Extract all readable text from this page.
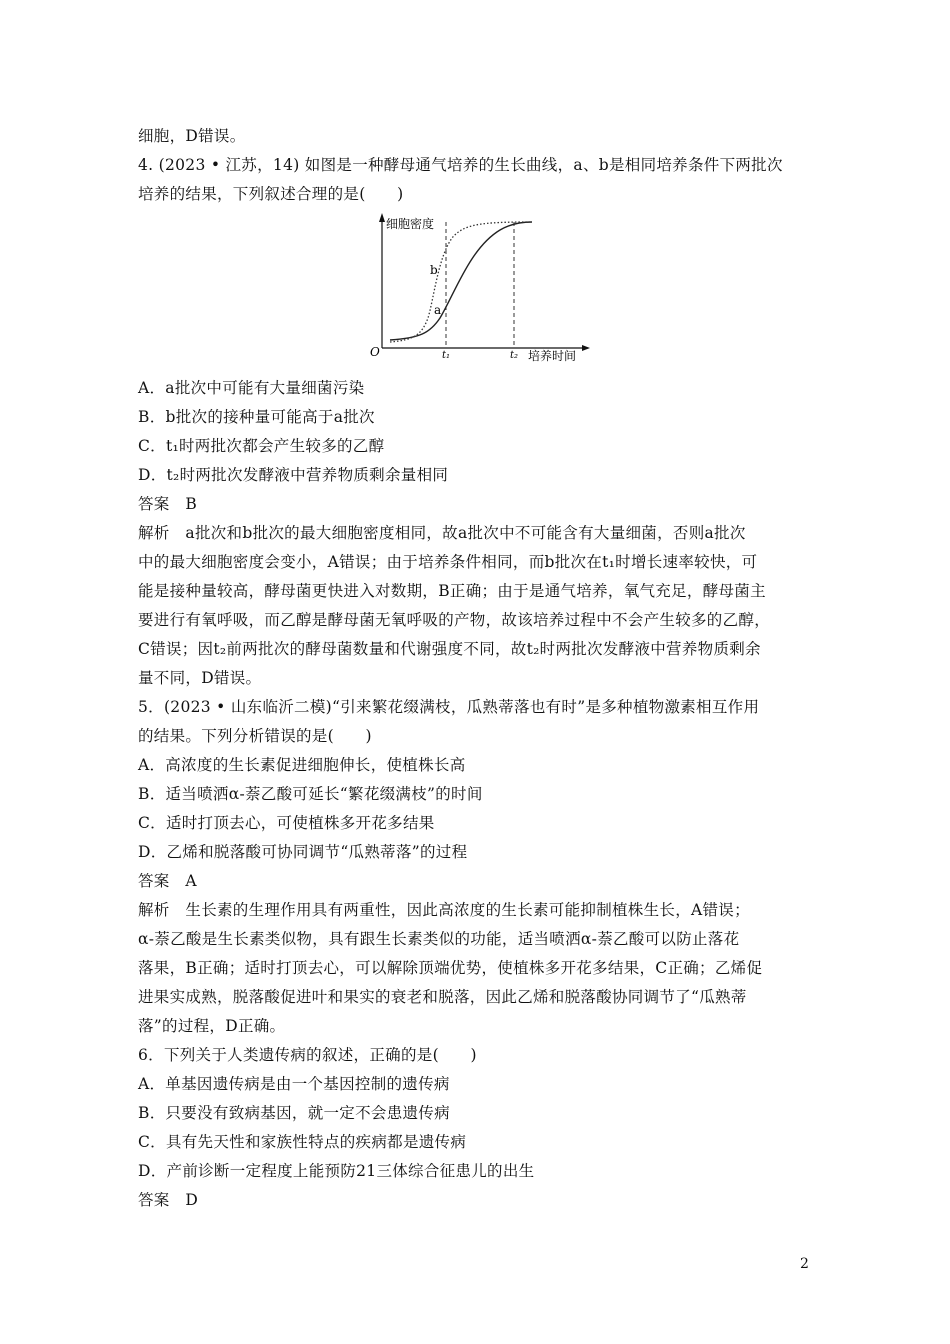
细胞，D错误。
4. (2023 • 江苏，14) 如图是一种酵母通气培养的生长曲线，a、b是相同培养条件下两批次
培养的结果，下列叙述合理的是(　　)
细胞密度
培养时间
O	t₁	t₂
b
a
A．a批次中可能有大量细菌污染
B．b批次的接种量可能高于a批次
C．t₁时两批次都会产生较多的乙醇
D．t₂时两批次发酵液中营养物质剩余量相同
答案　B
解析　a批次和b批次的最大细胞密度相同，故a批次中不可能含有大量细菌，否则a批次
中的最大细胞密度会变小，A错误；由于培养条件相同，而b批次在t₁时增长速率较快，可
能是接种量较高，酵母菌更快进入对数期，B正确；由于是通气培养，氧气充足，酵母菌主
要进行有氧呼吸，而乙醇是酵母菌无氧呼吸的产物，故该培养过程中不会产生较多的乙醇，
C错误；因t₂前两批次的酵母菌数量和代谢强度不同，故t₂时两批次发酵液中营养物质剩余
量不同，D错误。
5．(2023 • 山东临沂二模)“引来繁花缀满枝，瓜熟蒂落也有时”是多种植物激素相互作用
的结果。下列分析错误的是(　　)
A．高浓度的生长素促进细胞伸长，使植株长高
B．适当喷洒α-萘乙酸可延长“繁花缀满枝”的时间
C．适时打顶去心，可使植株多开花多结果
D．乙烯和脱落酸可协同调节“瓜熟蒂落”的过程
答案　A
解析　生长素的生理作用具有两重性，因此高浓度的生长素可能抑制植株生长，A错误；
α-萘乙酸是生长素类似物，具有跟生长素类似的功能，适当喷洒α-萘乙酸可以防止落花
落果，B正确；适时打顶去心，可以解除顶端优势，使植株多开花多结果，C正确；乙烯促
进果实成熟，脱落酸促进叶和果实的衰老和脱落，因此乙烯和脱落酸协同调节了“瓜熟蒂
落”的过程，D正确。
6．下列关于人类遗传病的叙述，正确的是(　　)
A．单基因遗传病是由一个基因控制的遗传病
B．只要没有致病基因，就一定不会患遗传病
C．具有先天性和家族性特点的疾病都是遗传病
D．产前诊断一定程度上能预防21三体综合征患儿的出生
答案　D
2
